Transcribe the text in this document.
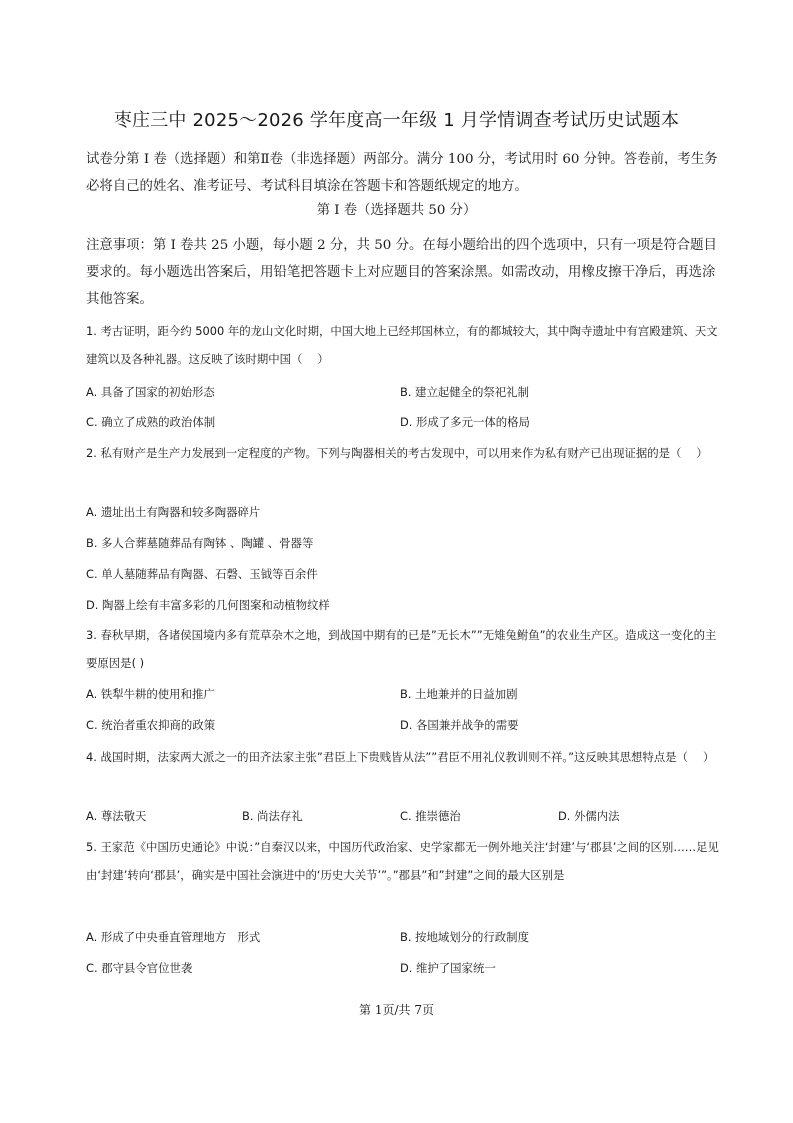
枣庄三中 2025～2026 学年度高一年级 1 月学情调查考试历史试题本
试卷分第 I 卷（选择题）和第Ⅱ卷（非选择题）两部分。满分 100 分，考试用时 60 分钟。答卷前，考生务必将自己的姓名、准考证号、考试科目填涂在答题卡和答题纸规定的地方。
第 I 卷（选择题共 50 分）
注意事项：第 I 卷共 25 小题，每小题 2 分，共 50 分。在每小题给出的四个选项中，只有一项是符合题目要求的。每小题选出答案后，用铅笔把答题卡上对应题目的答案涂黑。如需改动，用橡皮擦干净后，再选涂其他答案。
1. 考古证明，距今约 5000 年的龙山文化时期，中国大地上已经邦国林立，有的都城较大，其中陶寺遗址中有宫殿建筑、天文建筑以及各种礼器。这反映了该时期中国（　 ）
A. 具备了国家的初始形态	B. 建立起健全的祭祀礼制
C. 确立了成熟的政治体制	D. 形成了多元一体的格局
2. 私有财产是生产力发展到一定程度的产物。下列与陶器相关的考古发现中，可以用来作为私有财产已出现证据的是（　 ）
A. 遗址出土有陶器和较多陶器碎片
B. 多人合葬墓随葬品有陶钵 、陶罐 、骨器等
C. 单人墓随葬品有陶器、石磬、玉钺等百余件
D. 陶器上绘有丰富多彩的几何图案和动植物纹样
3. 春秋早期，各诸侯国境内多有荒草杂木之地，到战国中期有的已是”无长木””无雉兔鲋鱼”的农业生产区。造成这一变化的主要原因是( )
A. 铁犁牛耕的使用和推广	B. 土地兼并的日益加剧
C. 统治者重农抑商的政策	D. 各国兼并战争的需要
4. 战国时期，法家两大派之一的田齐法家主张”君臣上下贵贱皆从法””君臣不用礼仪教训则不祥。”这反映其思想特点是（　 ）
A. 尊法敬天	B. 尚法存礼	C. 推崇德治	D. 外儒内法
5. 王家范《中国历史通论》中说：”自秦汉以来，中国历代政治家、史学家都无一例外地关注‘封建’与‘郡县’之间的区别……足见由‘封建’转向‘郡县’，确实是中国社会演进中的‘历史大关节’”。”郡县”和”封建”之间的最大区别是
A. 形成了中央垂直管理地方　形式	B. 按地域划分的行政制度
C. 郡守县令官位世袭	D. 维护了国家统一
第 1页/共 7页
